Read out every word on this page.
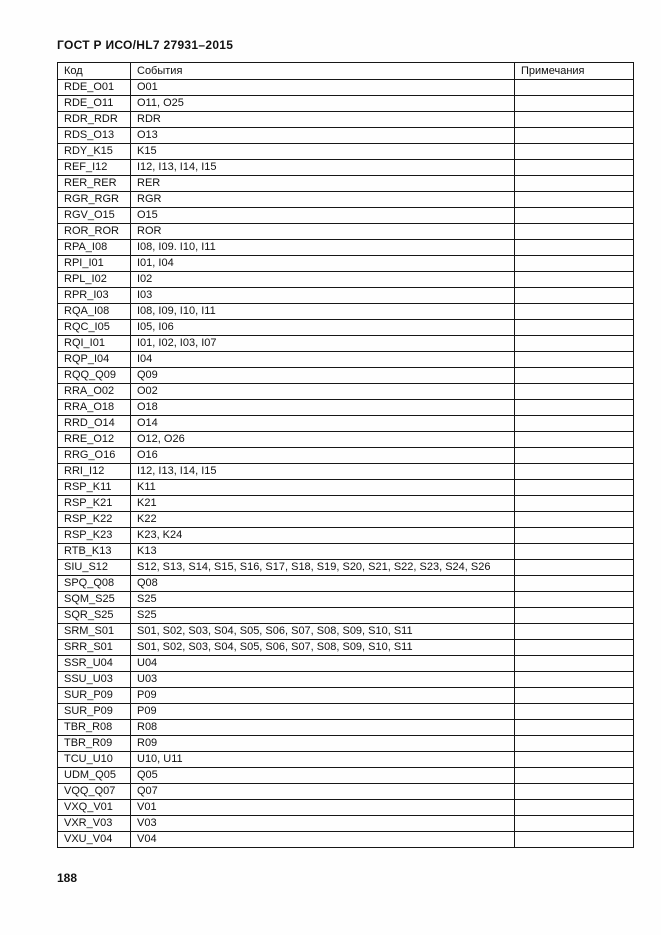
ГОСТ Р ИСО/HL7 27931–2015
Код	События	Примечания
RDE_O01	O01	
RDE_O11	O11, O25	
RDR_RDR	RDR	
RDS_O13	O13	
RDY_K15	K15	
REF_I12	I12, I13, I14, I15	
RER_RER	RER	
RGR_RGR	RGR	
RGV_O15	O15	
ROR_ROR	ROR	
RPA_I08	I08, I09. I10, I11	
RPI_I01	I01, I04	
RPL_I02	I02	
RPR_I03	I03	
RQA_I08	I08, I09, I10, I11	
RQC_I05	I05, I06	
RQI_I01	I01, I02, I03, I07	
RQP_I04	I04	
RQQ_Q09	Q09	
RRA_O02	O02	
RRA_O18	O18	
RRD_O14	O14	
RRE_O12	O12, O26	
RRG_O16	O16	
RRI_I12	I12, I13, I14, I15	
RSP_K11	K11	
RSP_K21	K21	
RSP_K22	K22	
RSP_K23	K23, K24	
RTB_K13	K13	
SIU_S12	S12, S13, S14, S15, S16, S17, S18, S19, S20, S21, S22, S23, S24, S26	
SPQ_Q08	Q08	
SQM_S25	S25	
SQR_S25	S25	
SRM_S01	S01, S02, S03, S04, S05, S06, S07, S08, S09, S10, S11	
SRR_S01	S01, S02, S03, S04, S05, S06, S07, S08, S09, S10, S11	
SSR_U04	U04	
SSU_U03	U03	
SUR_P09	P09	
SUR_P09	P09	
TBR_R08	R08	
TBR_R09	R09	
TCU_U10	U10, U11	
UDM_Q05	Q05	
VQQ_Q07	Q07	
VXQ_V01	V01	
VXR_V03	V03	
VXU_V04	V04	
188
